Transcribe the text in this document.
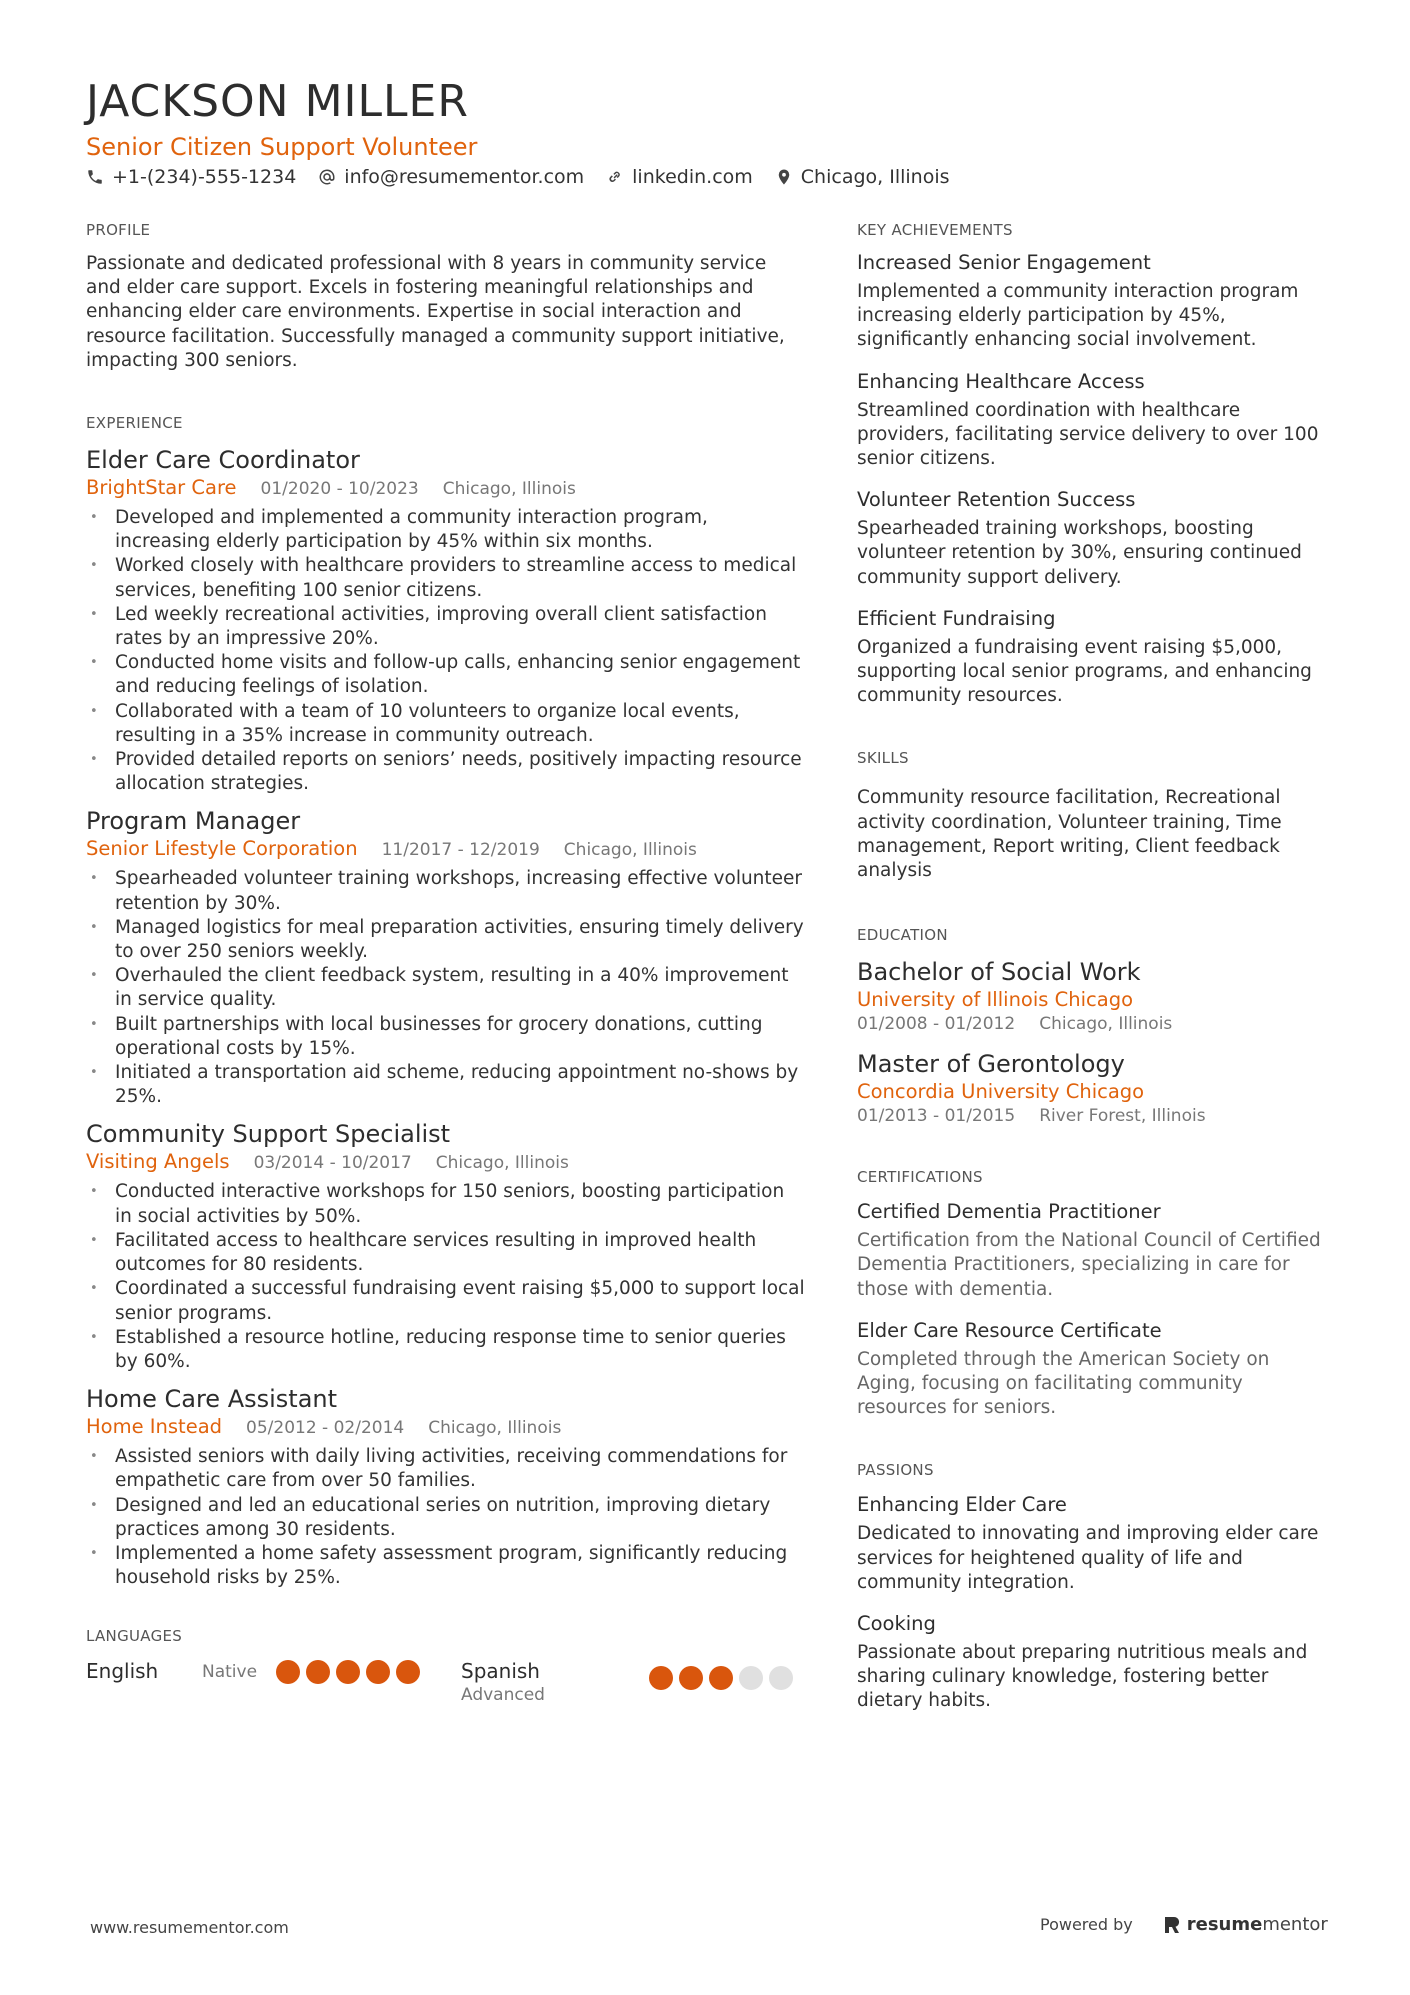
JACKSON MILLER
Senior Citizen Support Volunteer
+1-(234)-555-1234	info@resumementor.com	linkedin.com	Chicago, Illinois
PROFILE
Passionate and dedicated professional with 8 years in community service and elder care support. Excels in fostering meaningful relationships and enhancing elder care environments. Expertise in social interaction and resource facilitation. Successfully managed a community support initiative, impacting 300 seniors.
EXPERIENCE
Elder Care Coordinator
BrightStar Care 01/2020 - 10/2023 Chicago, Illinois
• Developed and implemented a community interaction program, increasing elderly participation by 45% within six months.
• Worked closely with healthcare providers to streamline access to medical services, benefiting 100 senior citizens.
• Led weekly recreational activities, improving overall client satisfaction rates by an impressive 20%.
• Conducted home visits and follow-up calls, enhancing senior engagement and reducing feelings of isolation.
• Collaborated with a team of 10 volunteers to organize local events, resulting in a 35% increase in community outreach.
• Provided detailed reports on seniors’ needs, positively impacting resource allocation strategies.
Program Manager
Senior Lifestyle Corporation 11/2017 - 12/2019 Chicago, Illinois
• Spearheaded volunteer training workshops, increasing effective volunteer retention by 30%.
• Managed logistics for meal preparation activities, ensuring timely delivery to over 250 seniors weekly.
• Overhauled the client feedback system, resulting in a 40% improvement in service quality.
• Built partnerships with local businesses for grocery donations, cutting operational costs by 15%.
• Initiated a transportation aid scheme, reducing appointment no-shows by 25%.
Community Support Specialist
Visiting Angels 03/2014 - 10/2017 Chicago, Illinois
• Conducted interactive workshops for 150 seniors, boosting participation in social activities by 50%.
• Facilitated access to healthcare services resulting in improved health outcomes for 80 residents.
• Coordinated a successful fundraising event raising $5,000 to support local senior programs.
• Established a resource hotline, reducing response time to senior queries by 60%.
Home Care Assistant
Home Instead 05/2012 - 02/2014 Chicago, Illinois
• Assisted seniors with daily living activities, receiving commendations for empathetic care from over 50 families.
• Designed and led an educational series on nutrition, improving dietary practices among 30 residents.
• Implemented a home safety assessment program, significantly reducing household risks by 25%.
LANGUAGES
English	Native	Spanish
Advanced
KEY ACHIEVEMENTS
Increased Senior Engagement
Implemented a community interaction program increasing elderly participation by 45%, significantly enhancing social involvement.
Enhancing Healthcare Access
Streamlined coordination with healthcare providers, facilitating service delivery to over 100 senior citizens.
Volunteer Retention Success
Spearheaded training workshops, boosting volunteer retention by 30%, ensuring continued community support delivery.
Efficient Fundraising
Organized a fundraising event raising $5,000, supporting local senior programs, and enhancing community resources.
SKILLS
Community resource facilitation, Recreational activity coordination, Volunteer training, Time management, Report writing, Client feedback analysis
EDUCATION
Bachelor of Social Work
University of Illinois Chicago
01/2008 - 01/2012 Chicago, Illinois
Master of Gerontology
Concordia University Chicago
01/2013 - 01/2015 River Forest, Illinois
CERTIFICATIONS
Certified Dementia Practitioner
Certification from the National Council of Certified Dementia Practitioners, specializing in care for those with dementia.
Elder Care Resource Certificate
Completed through the American Society on Aging, focusing on facilitating community resources for seniors.
PASSIONS
Enhancing Elder Care
Dedicated to innovating and improving elder care services for heightened quality of life and community integration.
Cooking
Passionate about preparing nutritious meals and sharing culinary knowledge, fostering better dietary habits.
www.resumementor.com	Powered by	resume mentor
